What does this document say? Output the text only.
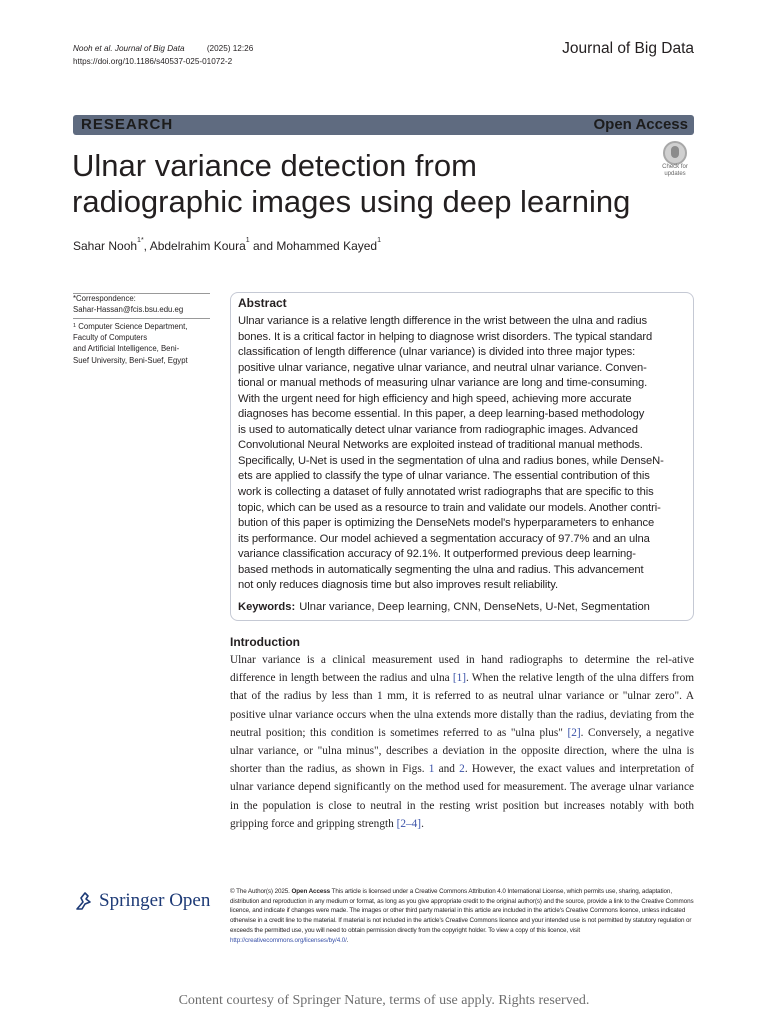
Nooh et al. Journal of Big Data	(2025) 12:26
https://doi.org/10.1186/s40537-025-01072-2
Journal of Big Data
RESEARCH	Open Access
Ulnar variance detection from radiographic images using deep learning
Check for
updates
Sahar Nooh$^{1*}$, Abdelrahim Koura$^1$ and Mohammed Kayed$^1$
*Correspondence:
Sahar-Hassan@fcis.bsu.edu.eg
$^1$ Computer Science Department,
Faculty of Computers
and Artificial Intelligence, Beni-
Suef University, Beni-Suef, Egypt
Abstract
Ulnar variance is a relative length difference in the wrist between the ulna and radius
bones. It is a critical factor in helping to diagnose wrist disorders. The typical standard
classification of length difference (ulnar variance) is divided into three major types:
positive ulnar variance, negative ulnar variance, and neutral ulnar variance. Conven-
tional or manual methods of measuring ulnar variance are long and time-consuming.
With the urgent need for high efficiency and high speed, achieving more accurate
diagnoses has become essential. In this paper, a deep learning-based methodology
is used to automatically detect ulnar variance from radiographic images. Advanced
Convolutional Neural Networks are exploited instead of traditional manual methods.
Specifically, U-Net is used in the segmentation of ulna and radius bones, while DenseN-
ets are applied to classify the type of ulnar variance. The essential contribution of this
work is collecting a dataset of fully annotated wrist radiographs that are specific to this
topic, which can be used as a resource to train and validate our models. Another contri-
bution of this paper is optimizing the DenseNets model's hyperparameters to enhance
its performance. Our model achieved a segmentation accuracy of 97.7% and an ulna
variance classification accuracy of 92.1%. It outperformed previous deep learning-
based methods in automatically segmenting the ulna and radius. This advancement
not only reduces diagnosis time but also improves result reliability.
Keywords: Ulnar variance, Deep learning, CNN, DenseNets, U-Net, Segmentation
Introduction
Ulnar variance is a clinical measurement used in hand radiographs to determine the rel-ative difference in length between the radius and ulna [1]. When the relative length of the ulna differs from that of the radius by less than 1 mm, it is referred to as neutral ulnar variance or "ulnar zero". A positive ulnar variance occurs when the ulna extends more distally than the radius, deviating from the neutral position; this condition is sometimes referred to as "ulna plus" [2]. Conversely, a negative ulnar variance, or "ulna minus", describes a deviation in the opposite direction, where the ulna is shorter than the radius, as shown in Figs. 1 and 2. However, the exact values and interpretation of ulnar variance depend significantly on the method used for measurement. The average ulnar variance in the population is close to neutral in the resting wrist position but increases notably with both gripping force and gripping strength [2–4].
Springer Open	© The Author(s) 2025. Open Access This article is licensed under a Creative Commons Attribution 4.0 International License, which permits use, sharing, adaptation, distribution and reproduction in any medium or format, as long as you give appropriate credit to the original author(s) and the source, provide a link to the Creative Commons licence, and indicate if changes were made. The images or other third party material in this article are included in the article's Creative Commons licence, unless indicated otherwise in a credit line to the material. If material is not included in the article's Creative Commons licence and your intended use is not permitted by statutory regulation or exceeds the permitted use, you will need to obtain permission directly from the copyright holder. To view a copy of this licence, visit http://creativecommons.org/licenses/by/4.0/.
Content courtesy of Springer Nature, terms of use apply. Rights reserved.
